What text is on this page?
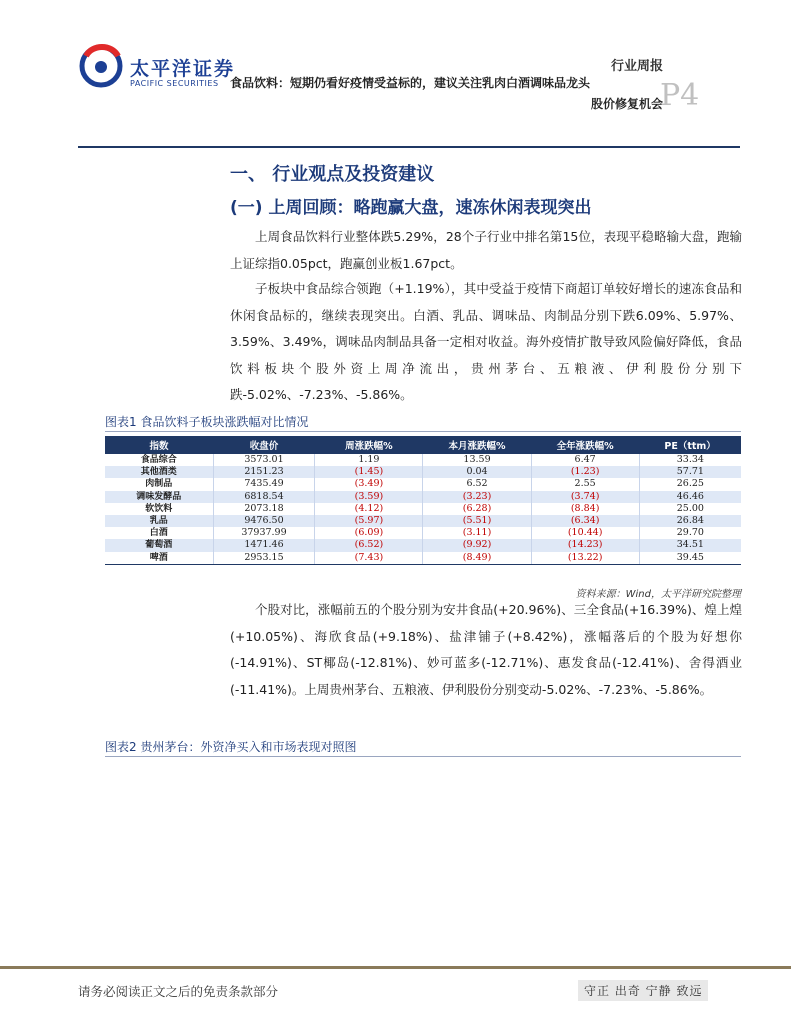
太平洋证券
PACIFIC SECURITIES
行业周报
食品饮料：短期仍看好疫情受益标的，建议关注乳肉白酒调味品龙头
股价修复机会
P4
一、 行业观点及投资建议
(一) 上周回顾：略跑赢大盘，速冻休闲表现突出
上周食品饮料行业整体跌5.29%，28个子行业中排名第15位，表现平稳略输大盘，跑输上证综指0.05pct，跑赢创业板1.67pct。
子板块中食品综合领跑（+1.19%），其中受益于疫情下商超订单较好增长的速冻食品和休闲食品标的，继续表现突出。白酒、乳品、调味品、肉制品分别下跌6.09%、5.97%、3.59%、3.49%，调味品肉制品具备一定相对收益。海外疫情扩散导致风险偏好降低，食品饮料板块个股外资上周净流出，贵州茅台、五粮液、伊利股份分别下跌-5.02%、-7.23%、-5.86%。
图表1 食品饮料子板块涨跌幅对比情况
指数	收盘价	周涨跌幅%	本月涨跌幅%	全年涨跌幅%	PE（ttm）
食品综合	3573.01	1.19	13.59	6.47	33.34
其他酒类	2151.23	(1.45)	0.04	(1.23)	57.71
肉制品	7435.49	(3.49)	6.52	2.55	26.25
调味发酵品	6818.54	(3.59)	(3.23)	(3.74)	46.46
软饮料	2073.18	(4.12)	(6.28)	(8.84)	25.00
乳品	9476.50	(5.97)	(5.51)	(6.34)	26.84
白酒	37937.99	(6.09)	(3.11)	(10.44)	29.70
葡萄酒	1471.46	(6.52)	(9.92)	(14.23)	34.51
啤酒	2953.15	(7.43)	(8.49)	(13.22)	39.45
资料来源：Wind，太平洋研究院整理
个股对比，涨幅前五的个股分别为安井食品(+20.96%)、三全食品(+16.39%)、煌上煌(+10.05%)、海欣食品(+9.18%)、盐津铺子(+8.42%)，涨幅落后的个股为好想你(-14.91%)、ST椰岛(-12.81%)、妙可蓝多(-12.71%)、惠发食品(-12.41%)、舍得酒业(-11.41%)。上周贵州茅台、五粮液、伊利股份分别变动-5.02%、-7.23%、-5.86%。
图表2 贵州茅台：外资净买入和市场表现对照图
请务必阅读正文之后的免责条款部分	守正 出奇 宁静 致远
